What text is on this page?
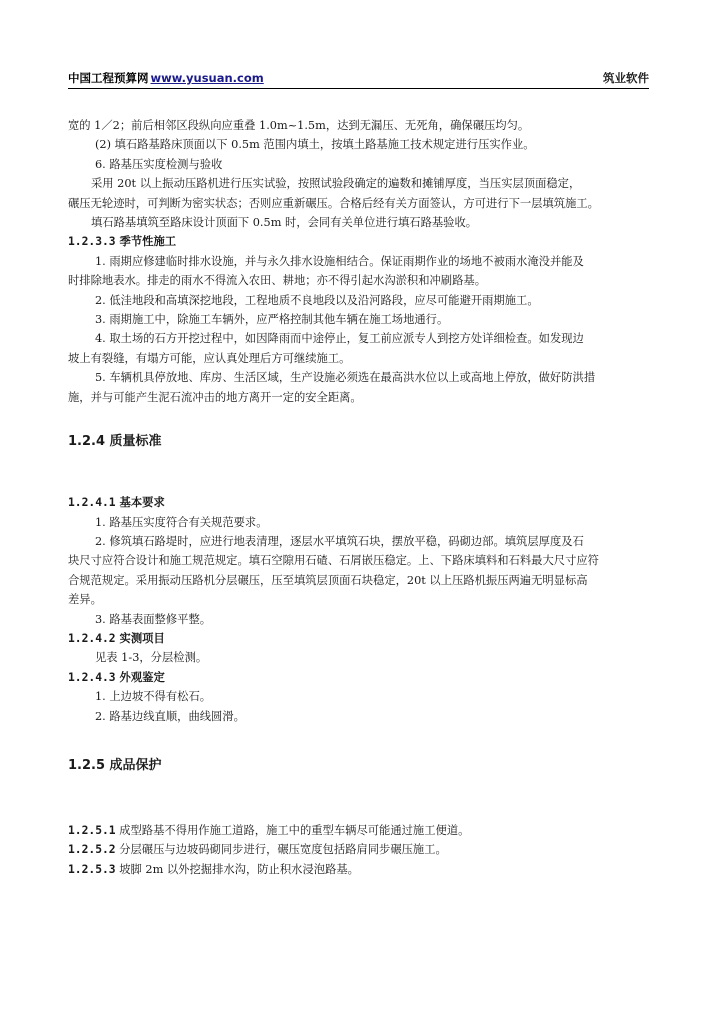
中国工程预算网 www.yusuan.com	筑业软件

宽的 1／2；前后相邻区段纵向应重叠 1.0m~1.5m，达到无漏压、无死角，确保碾压均匀。

(2) 填石路基路床顶面以下 0.5m 范围内填土，按填土路基施工技术规定进行压实作业。

6. 路基压实度检测与验收

采用 20t 以上振动压路机进行压实试验，按照试验段确定的遍数和摊铺厚度，当压实层顶面稳定，

碾压无轮迹时，可判断为密实状态；否则应重新碾压。合格后经有关方面签认，方可进行下一层填筑施工。

填石路基填筑至路床设计顶面下 0.5m 时，会同有关单位进行填石路基验收。

1.2.3.3 季节性施工

1. 雨期应修建临时排水设施，并与永久排水设施相结合。保证雨期作业的场地不被雨水淹没并能及

时排除地表水。排走的雨水不得流入农田、耕地；亦不得引起水沟淤积和冲刷路基。

2. 低洼地段和高填深挖地段，工程地质不良地段以及沿河路段，应尽可能避开雨期施工。

3. 雨期施工中，除施工车辆外，应严格控制其他车辆在施工场地通行。

4. 取土场的石方开挖过程中，如因降雨而中途停止，复工前应派专人到挖方处详细检查。如发现边

坡上有裂缝，有塌方可能，应认真处理后方可继续施工。

5. 车辆机具停放地、库房、生活区域，生产设施必须选在最高洪水位以上或高地上停放，做好防洪措

施，并与可能产生泥石流冲击的地方离开一定的安全距离。

1.2.4 质量标准

1.2.4.1 基本要求

1. 路基压实度符合有关规范要求。

2. 修筑填石路堤时，应进行地表清理，逐层水平填筑石块，摆放平稳，码砌边部。填筑层厚度及石

块尺寸应符合设计和施工规范规定。填石空隙用石碴、石屑嵌压稳定。上、下路床填料和石料最大尺寸应符

合规范规定。采用振动压路机分层碾压，压至填筑层顶面石块稳定，20t 以上压路机振压两遍无明显标高

差异。

3. 路基表面整修平整。

1.2.4.2 实测项目

见表 1-3，分层检测。

1.2.4.3 外观鉴定

1. 上边坡不得有松石。

2. 路基边线直顺，曲线圆滑。

1.2.5 成品保护

1.2.5.1 成型路基不得用作施工道路，施工中的重型车辆尽可能通过施工便道。

1.2.5.2 分层碾压与边坡码砌同步进行，碾压宽度包括路肩同步碾压施工。

1.2.5.3 坡脚 2m 以外挖掘排水沟，防止积水浸泡路基。
